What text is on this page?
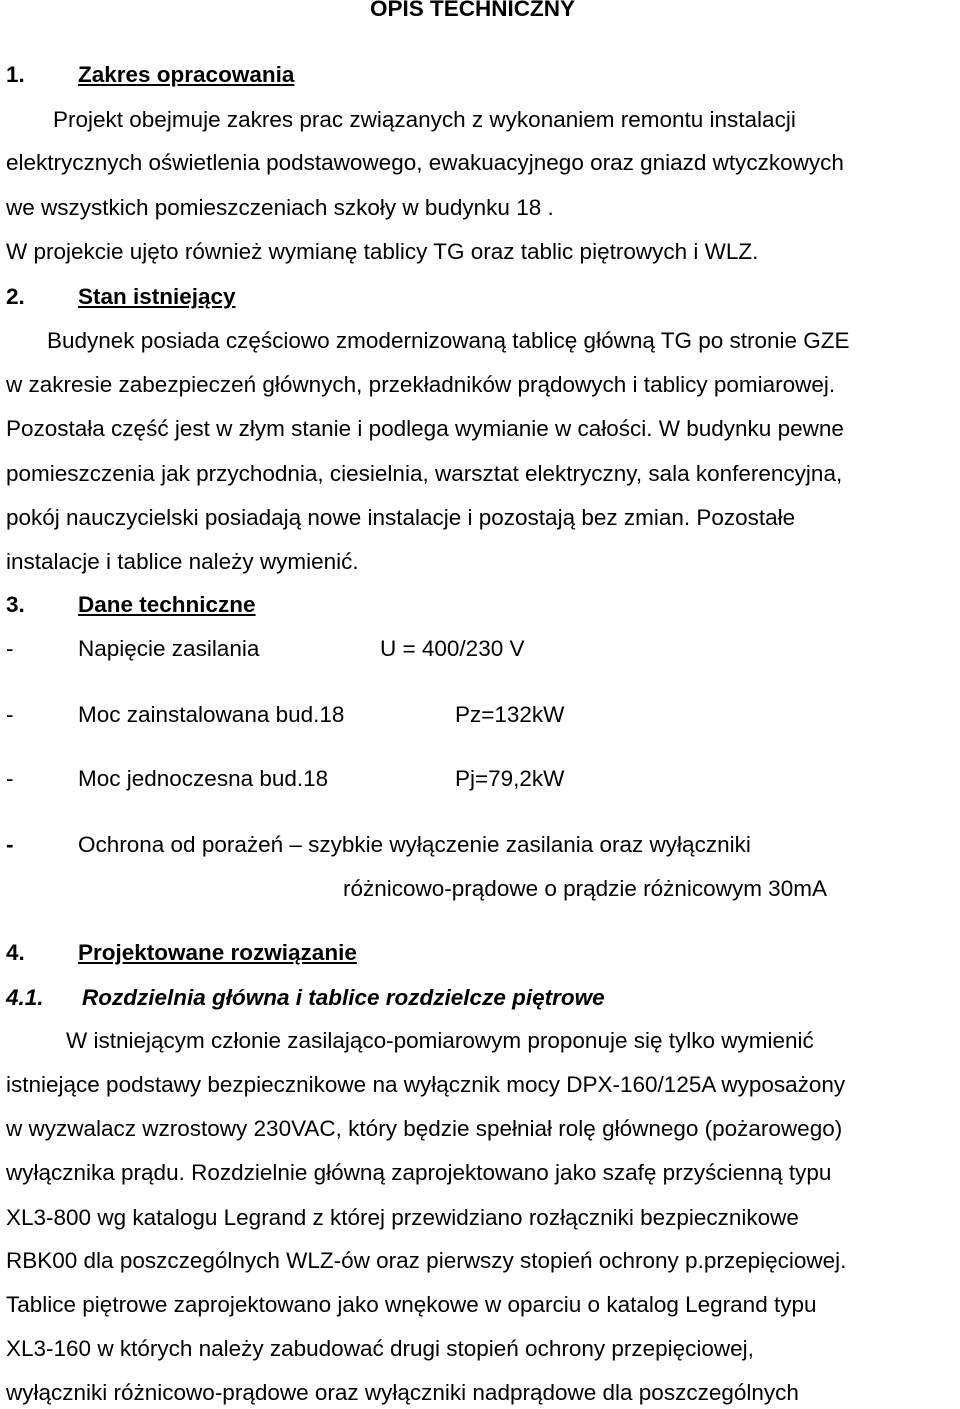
OPIS TECHNICZNY
1. Zakres opracowania
Projekt obejmuje zakres prac związanych z wykonaniem remontu instalacji
elektrycznych oświetlenia podstawowego, ewakuacyjnego oraz gniazd wtyczkowych
we wszystkich pomieszczeniach szkoły w budynku 18 .
W projekcie ujęto również wymianę tablicy TG oraz tablic piętrowych i WLZ.
2. Stan istniejący
Budynek posiada częściowo zmodernizowaną tablicę główną TG po stronie GZE
w zakresie zabezpieczeń głównych, przekładników prądowych i tablicy pomiarowej.
Pozostała część jest w złym stanie i podlega wymianie w całości. W budynku pewne
pomieszczenia jak przychodnia, ciesielnia, warsztat elektryczny, sala konferencyjna,
pokój nauczycielski posiadają nowe instalacje i pozostają bez zmian. Pozostałe
instalacje i tablice należy wymienić.
3. Dane techniczne
-	Napięcie zasilania	U = 400/230 V
-	Moc zainstalowana bud.18	Pz=132kW
-	Moc jednoczesna bud.18	Pj=79,2kW
-	Ochrona od porażeń – szybkie wyłączenie zasilania oraz wyłączniki
różnicowo-prądowe o prądzie różnicowym 30mA
4. Projektowane rozwiązanie
4.1. Rozdzielnia główna i tablice rozdzielcze piętrowe
W istniejącym członie zasilająco-pomiarowym proponuje się tylko wymienić
istniejące podstawy bezpiecznikowe na wyłącznik mocy DPX-160/125A wyposażony
w wyzwalacz wzrostowy 230VAC, który będzie spełniał rolę głównego (pożarowego)
wyłącznika prądu. Rozdzielnie główną zaprojektowano jako szafę przyścienną typu
XL3-800 wg katalogu Legrand z której przewidziano rozłączniki bezpiecznikowe
RBK00 dla poszczególnych WLZ-ów oraz pierwszy stopień ochrony p.przepięciowej.
Tablice piętrowe zaprojektowano jako wnękowe w oparciu o katalog Legrand typu
XL3-160 w których należy zabudować drugi stopień ochrony przepięciowej,
wyłączniki różnicowo-prądowe oraz wyłączniki nadprądowe dla poszczególnych
